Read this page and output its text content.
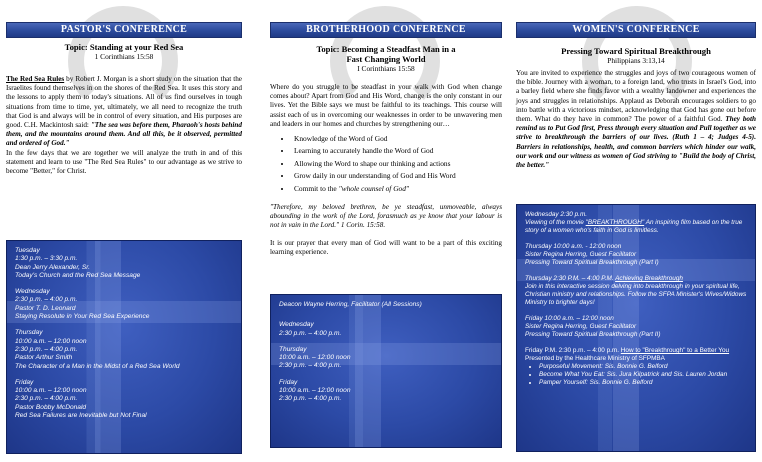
PASTOR'S CONFERENCE
Topic: Standing at your Red Sea
1 Corinthians 15:58

The Red Sea Rules by Robert J. Morgan is a short study on the situation that the Israelites found themselves in on the shores of the Red Sea. It uses this story and the lessons to apply them to today's situations. All of us find ourselves in tough situations from time to time, yet, ultimately, we all need to recognize the truth that God is and always will be in control of every situation, and His purposes are good. C.H. Mackintosh said: "The sea was before them, Pharaoh's hosts behind them, and the mountains around them. And all this, be it observed, permitted and ordered of God."

In the few days that we are together we will analyze the truth in and of this statement and learn to use "The Red Sea Rules" to our advantage as we strive to become "Better," for Christ.

Tuesday
1:30 p.m. – 3:30 p.m.
Dean Jerry Alexander, Sr.
Today's Church and the Red Sea Message
Wednesday
2:30 p.m. – 4:00 p.m.
Pastor T. D. Leonard
Staying Resolute in Your Red Sea Experience
Thursday
10:00 a.m. – 12:00 noon
2:30 p.m. – 4:00 p.m.
Pastor Arthur Smith
The Character of a Man in the Midst of a Red Sea World
Friday
10:00 a.m. – 12:00 noon
2:30 p.m. – 4:00 p.m.
Pastor Bobby McDonald
Red Sea Failures are Inevitable but Not Final
BROTHERHOOD CONFERENCE
Topic: Becoming a Steadfast Man in a
Fast Changing World
I Corinthians 15:58

Where do you struggle to be steadfast in your walk with God when change comes about? Apart from God and His Word, change is the only constant in our lives. Yet the Bible says we must be faithful to its teachings. This course will assist each of us in overcoming our weaknesses in order to be unwavering men and leaders in our homes and churches by strengthening our…

• Knowledge of the Word of God
• Learning to accurately handle the Word of God
• Allowing the Word to shape our thinking and actions
• Grow daily in our understanding of God and His Word
• Commit to the "whole counsel of God"

"Therefore, my beloved brethren, be ye steadfast, unmoveable, always abounding in the work of the Lord, forasmuch as ye know that your labour is not in vain in the Lord." 1 Corin. 15:58.

It is our prayer that every man of God will want to be a part of this exciting learning experience.

Deacon Wayne Herring, Facilitator (All Sessions)
Wednesday
2:30 p.m. – 4:00 p.m.
Thursday
10:00 a.m. – 12:00 noon
2:30 p.m. – 4:00 p.m.
Friday
10:00 a.m. – 12:00 noon
2:30 p.m. – 4:00 p.m.
WOMEN'S CONFERENCE
Pressing Toward Spiritual Breakthrough
Philippians 3:13,14

You are invited to experience the struggles and joys of two courageous women of the bible. Journey with a woman, to a foreign land, who trusts in Israel's God, into a barley field where she finds favor with a wealthy landowner and experiences the joys and struggles in relationships. Applaud as Deborah encourages soldiers to go into battle with a victorious mindset, acknowledging that God has gone out before them. What do they have in common? The power of a faithful God. They both remind us to Put God first, Press through every situation and Pull together as we strive to breakthrough the barriers of our lives. (Ruth 1 – 4; Judges 4-5). Barriers in relationships, health, and common barriers which hinder our walk, our work and our witness as women of God striving to "Build the body of Christ, the better."

Wednesday 2:30 p.m.
Viewing of the movie "BREAKTHROUGH" An inspiring film based on the true story of a women who's faith in God is limitless.
Thursday 10:00 a.m. - 12:00 noon
Sister Regina Herring, Guest Facilitator
Pressing Toward Spiritual Breakthrough (Part I)
Thursday 2:30 P.M. – 4:00 P.M. Achieving Breakthrough
Join in this interactive session delving into breakthrough in your spiritual life, Christian ministry and relationships. Follow the SFPA Minister's Wives/Widows Ministry to brighter days!
Friday 10:00 a.m. – 12:00 noon
Sister Regina Herring, Guest Facilitator
Pressing Toward Spiritual Breakthrough (Part II)
Friday P.M. 2:30 p.m. – 4:00 p.m. How to "Breakthrough" to a Better You Presented by the Healthcare Ministry of SFPMBA
• Purposeful Movement: Sis. Bonnie G. Belford
• Become What You Eat: Sis. Jura Kilpatrick and Sis. Lauren Jordan
• Pamper Yourself: Sis. Bonnie G. Belford
